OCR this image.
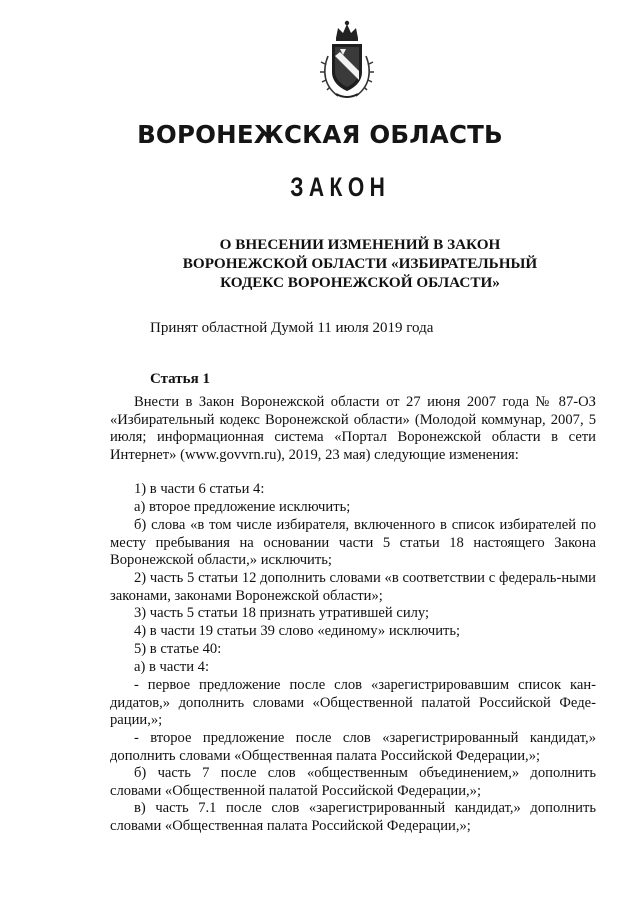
ВОРОНЕЖСКАЯ ОБЛАСТЬ
ЗАКОН
О ВНЕСЕНИИ ИЗМЕНЕНИЙ В ЗАКОН
ВОРОНЕЖСКОЙ ОБЛАСТИ «ИЗБИРАТЕЛЬНЫЙ
КОДЕКС ВОРОНЕЖСКОЙ ОБЛАСТИ»
Принят областной Думой 11 июля 2019 года
Статья 1
Внести в Закон Воронежской области от 27 июня 2007 года № 87-ОЗ «Избирательный кодекс Воронежской области» (Молодой коммунар, 2007, 5 июля; информационная система «Портал Воронежской области в сети Интернет» (www.govvrn.ru), 2019, 23 мая) следующие изменения:
1) в части 6 статьи 4:
а) второе предложение исключить;
б) слова «в том числе избирателя, включенного в список избирателей по месту пребывания на основании части 5 статьи 18 настоящего Закона Воронежской области,» исключить;
2) часть 5 статьи 12 дополнить словами «в соответствии с федераль-ными законами, законами Воронежской области»;
3) часть 5 статьи 18 признать утратившей силу;
4) в части 19 статьи 39 слово «единому» исключить;
5) в статье 40:
а) в части 4:
- первое предложение после слов «зарегистрировавшим список кан-дидатов,» дополнить словами «Общественной палатой Российской Феде-рации,»;
- второе предложение после слов «зарегистрированный кандидат,» дополнить словами «Общественная палата Российской Федерации,»;
б) часть 7 после слов «общественным объединением,» дополнить словами «Общественной палатой Российской Федерации,»;
в) часть 7.1 после слов «зарегистрированный кандидат,» дополнить словами «Общественная палата Российской Федерации,»;
